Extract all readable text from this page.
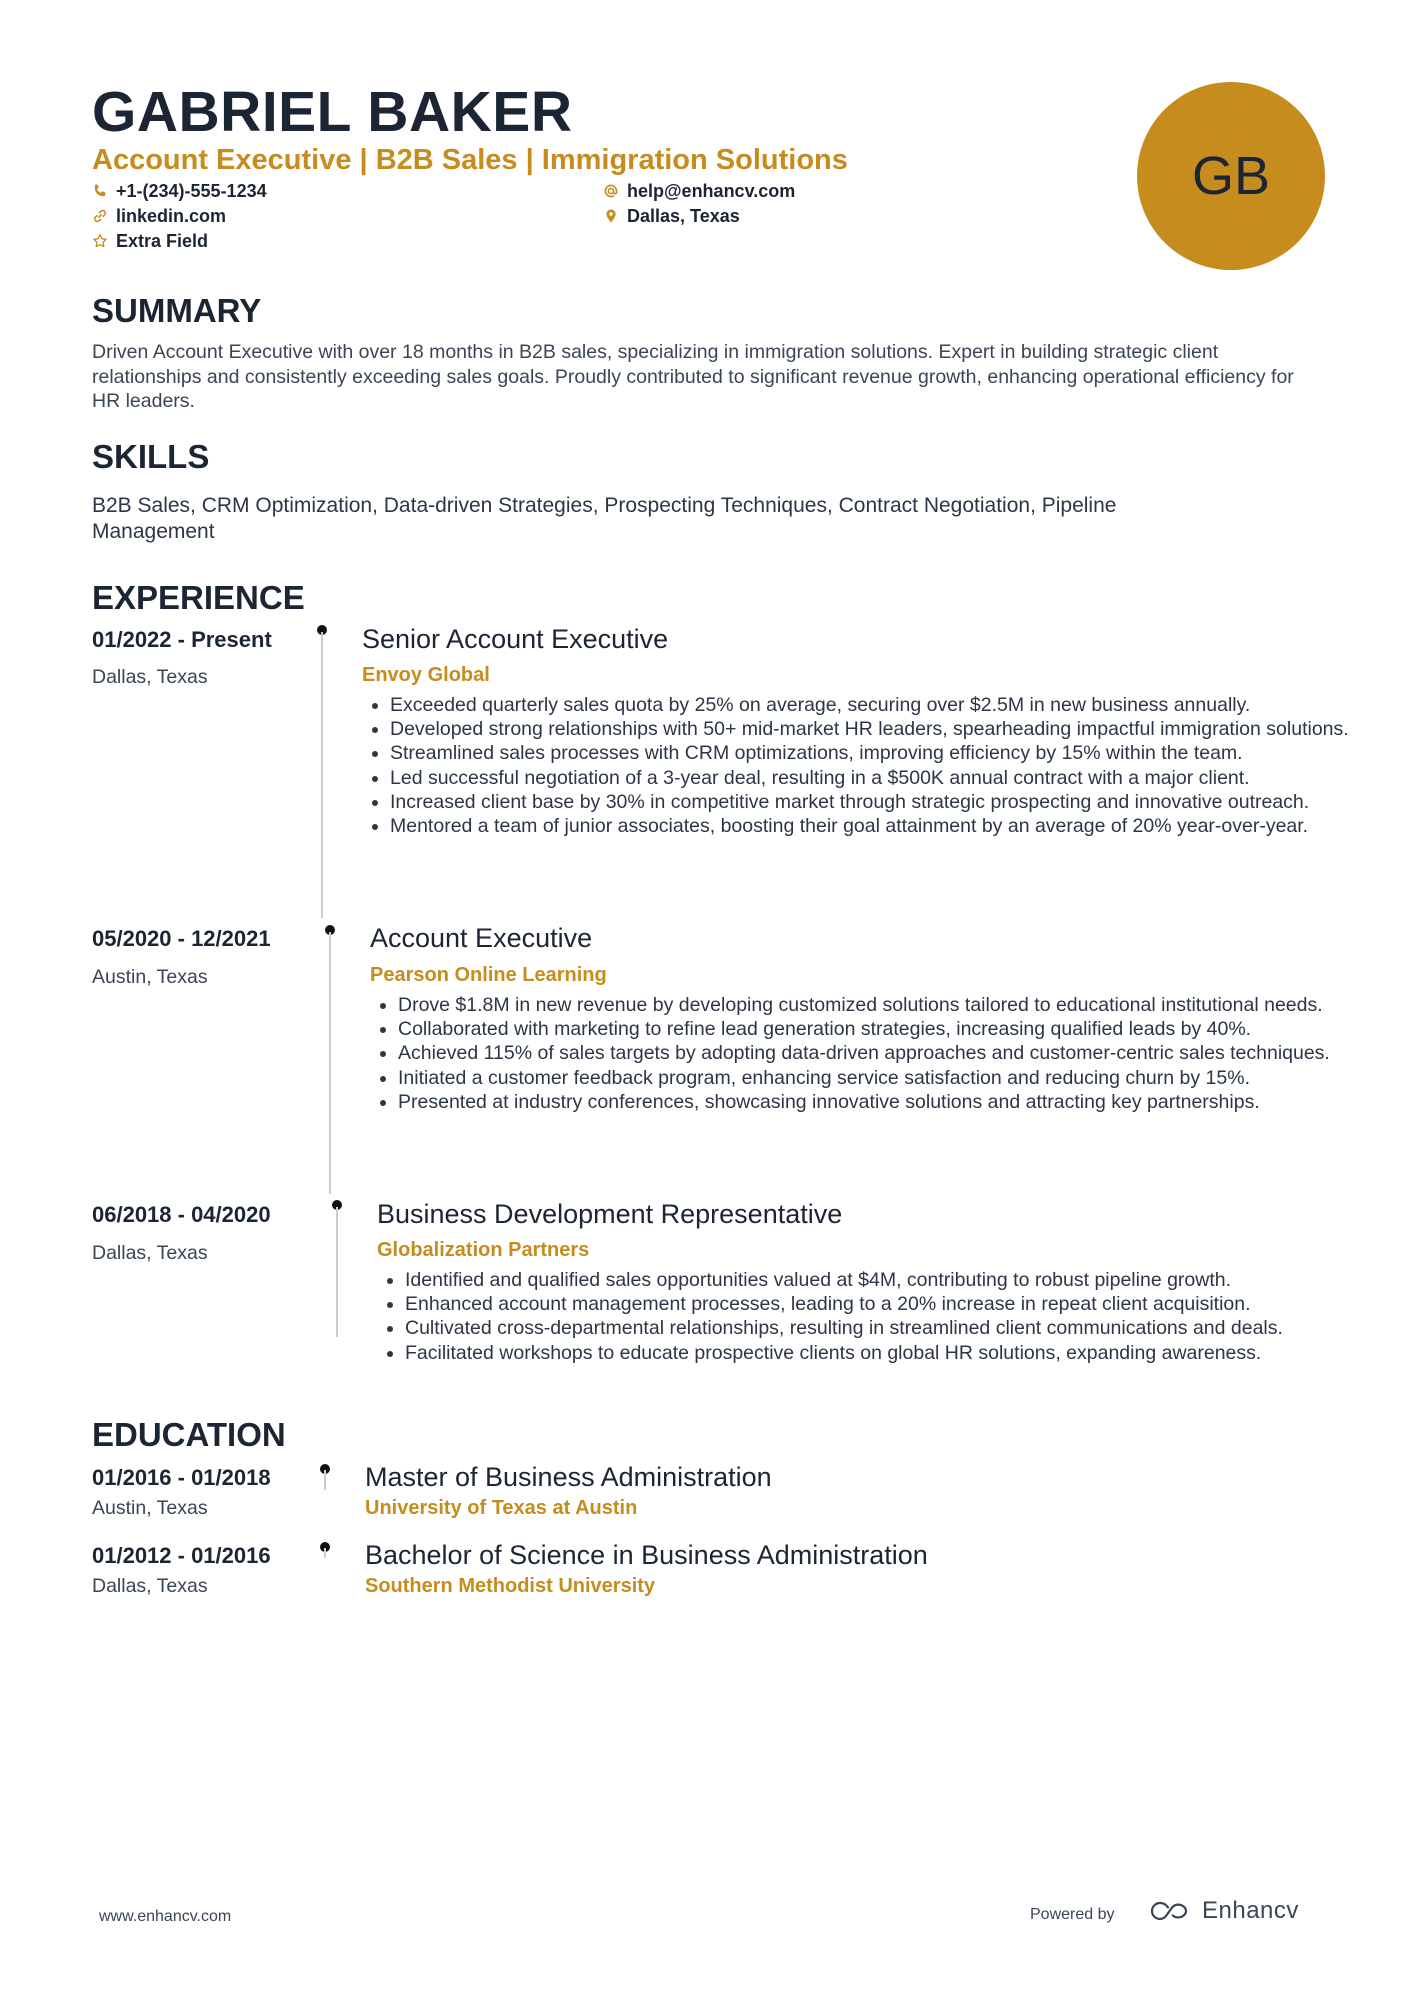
GABRIEL BAKER
Account Executive | B2B Sales | Immigration Solutions
+1-(234)-555-1234	help@enhancv.com
linkedin.com	Dallas, Texas
Extra Field
GB
SUMMARY

Driven Account Executive with over 18 months in B2B sales, specializing in immigration solutions. Expert in building strategic client relationships and consistently exceeding sales goals. Proudly contributed to significant revenue growth, enhancing operational efficiency for HR leaders.

SKILLS

B2B Sales, CRM Optimization, Data-driven Strategies, Prospecting Techniques, Contract Negotiation, Pipeline Management

EXPERIENCE
01/2022 - Present
Dallas, Texas
Senior Account Executive
Envoy Global
• Exceeded quarterly sales quota by 25% on average, securing over $2.5M in new business annually.
• Developed strong relationships with 50+ mid-market HR leaders, spearheading impactful immigration solutions.
• Streamlined sales processes with CRM optimizations, improving efficiency by 15% within the team.
• Led successful negotiation of a 3-year deal, resulting in a $500K annual contract with a major client.
• Increased client base by 30% in competitive market through strategic prospecting and innovative outreach.
• Mentored a team of junior associates, boosting their goal attainment by an average of 20% year-over-year.
05/2020 - 12/2021
Austin, Texas
Account Executive
Pearson Online Learning
• Drove $1.8M in new revenue by developing customized solutions tailored to educational institutional needs.
• Collaborated with marketing to refine lead generation strategies, increasing qualified leads by 40%.
• Achieved 115% of sales targets by adopting data-driven approaches and customer-centric sales techniques.
• Initiated a customer feedback program, enhancing service satisfaction and reducing churn by 15%.
• Presented at industry conferences, showcasing innovative solutions and attracting key partnerships.
06/2018 - 04/2020
Dallas, Texas
Business Development Representative
Globalization Partners
• Identified and qualified sales opportunities valued at $4M, contributing to robust pipeline growth.
• Enhanced account management processes, leading to a 20% increase in repeat client acquisition.
• Cultivated cross-departmental relationships, resulting in streamlined client communications and deals.
• Facilitated workshops to educate prospective clients on global HR solutions, expanding awareness.
EDUCATION
01/2016 - 01/2018
Austin, Texas
Master of Business Administration
University of Texas at Austin
01/2012 - 01/2016
Dallas, Texas
Bachelor of Science in Business Administration
Southern Methodist University
www.enhancv.com	Powered by	Enhancv
